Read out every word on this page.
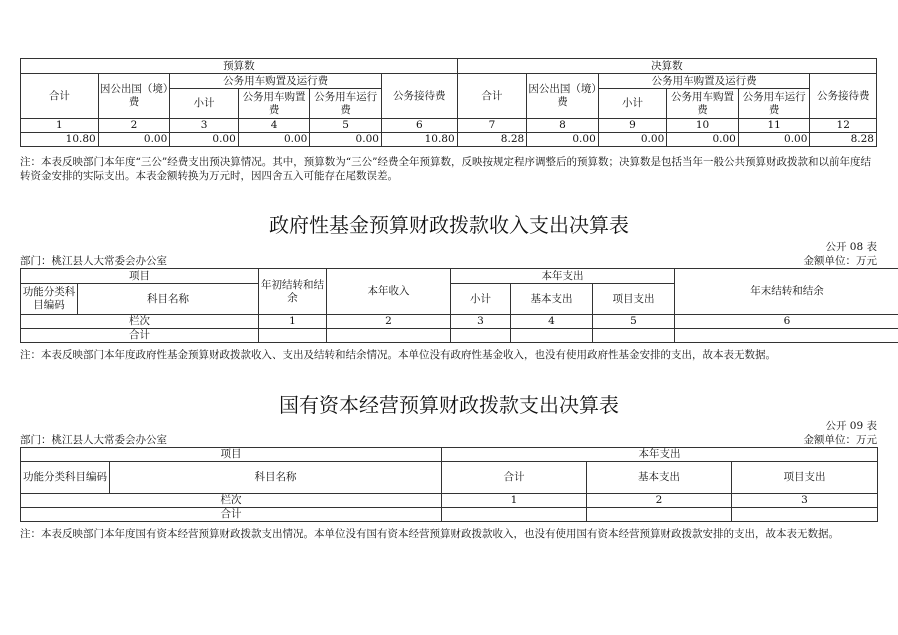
预算数						决算数					
合计	因公出国（境）费	公务用车购置及运行费			公务接待费	合计	因公出国（境）费	公务用车购置及运行费			公务接待费
		小计	公务用车购置费	公务用车运行费				小计	公务用车购置费	公务用车运行费	
1	2	3	4	5	6	7	8	9	10	11	12
10.80	0.00	0.00	0.00	0.00	10.80	8.28	0.00	0.00	0.00	0.00	8.28
注：本表反映部门本年度“三公”经费支出预决算情况。其中，预算数为“三公”经费全年预算数，反映按规定程序调整后的预算数；决算数是包括当年一般公共预算财政拨款和以前年度结转资金安排的实际支出。本表金额转换为万元时，因四舍五入可能存在尾数误差。
政府性基金预算财政拨款收入支出决算表
公开 08 表
部门：桃江县人大常委会办公室	金额单位：万元
项目		年初结转和结余	本年收入	本年支出			年末结转和结余
功能分类科目编码	科目名称			小计	基本支出	项目支出	
栏次		1	2	3	4	5	6
合计							
注：本表反映部门本年度政府性基金预算财政拨款收入、支出及结转和结余情况。本单位没有政府性基金收入，也没有使用政府性基金安排的支出，故本表无数据。
国有资本经营预算财政拨款支出决算表
公开 09 表
部门：桃江县人大常委会办公室	金额单位：万元
项目		本年支出		
功能分类科目编码	科目名称	合计	基本支出	项目支出
栏次		1	2	3
合计				
注：本表反映部门本年度国有资本经营预算财政拨款支出情况。本单位没有国有资本经营预算财政拨款收入，也没有使用国有资本经营预算财政拨款安排的支出，故本表无数据。
